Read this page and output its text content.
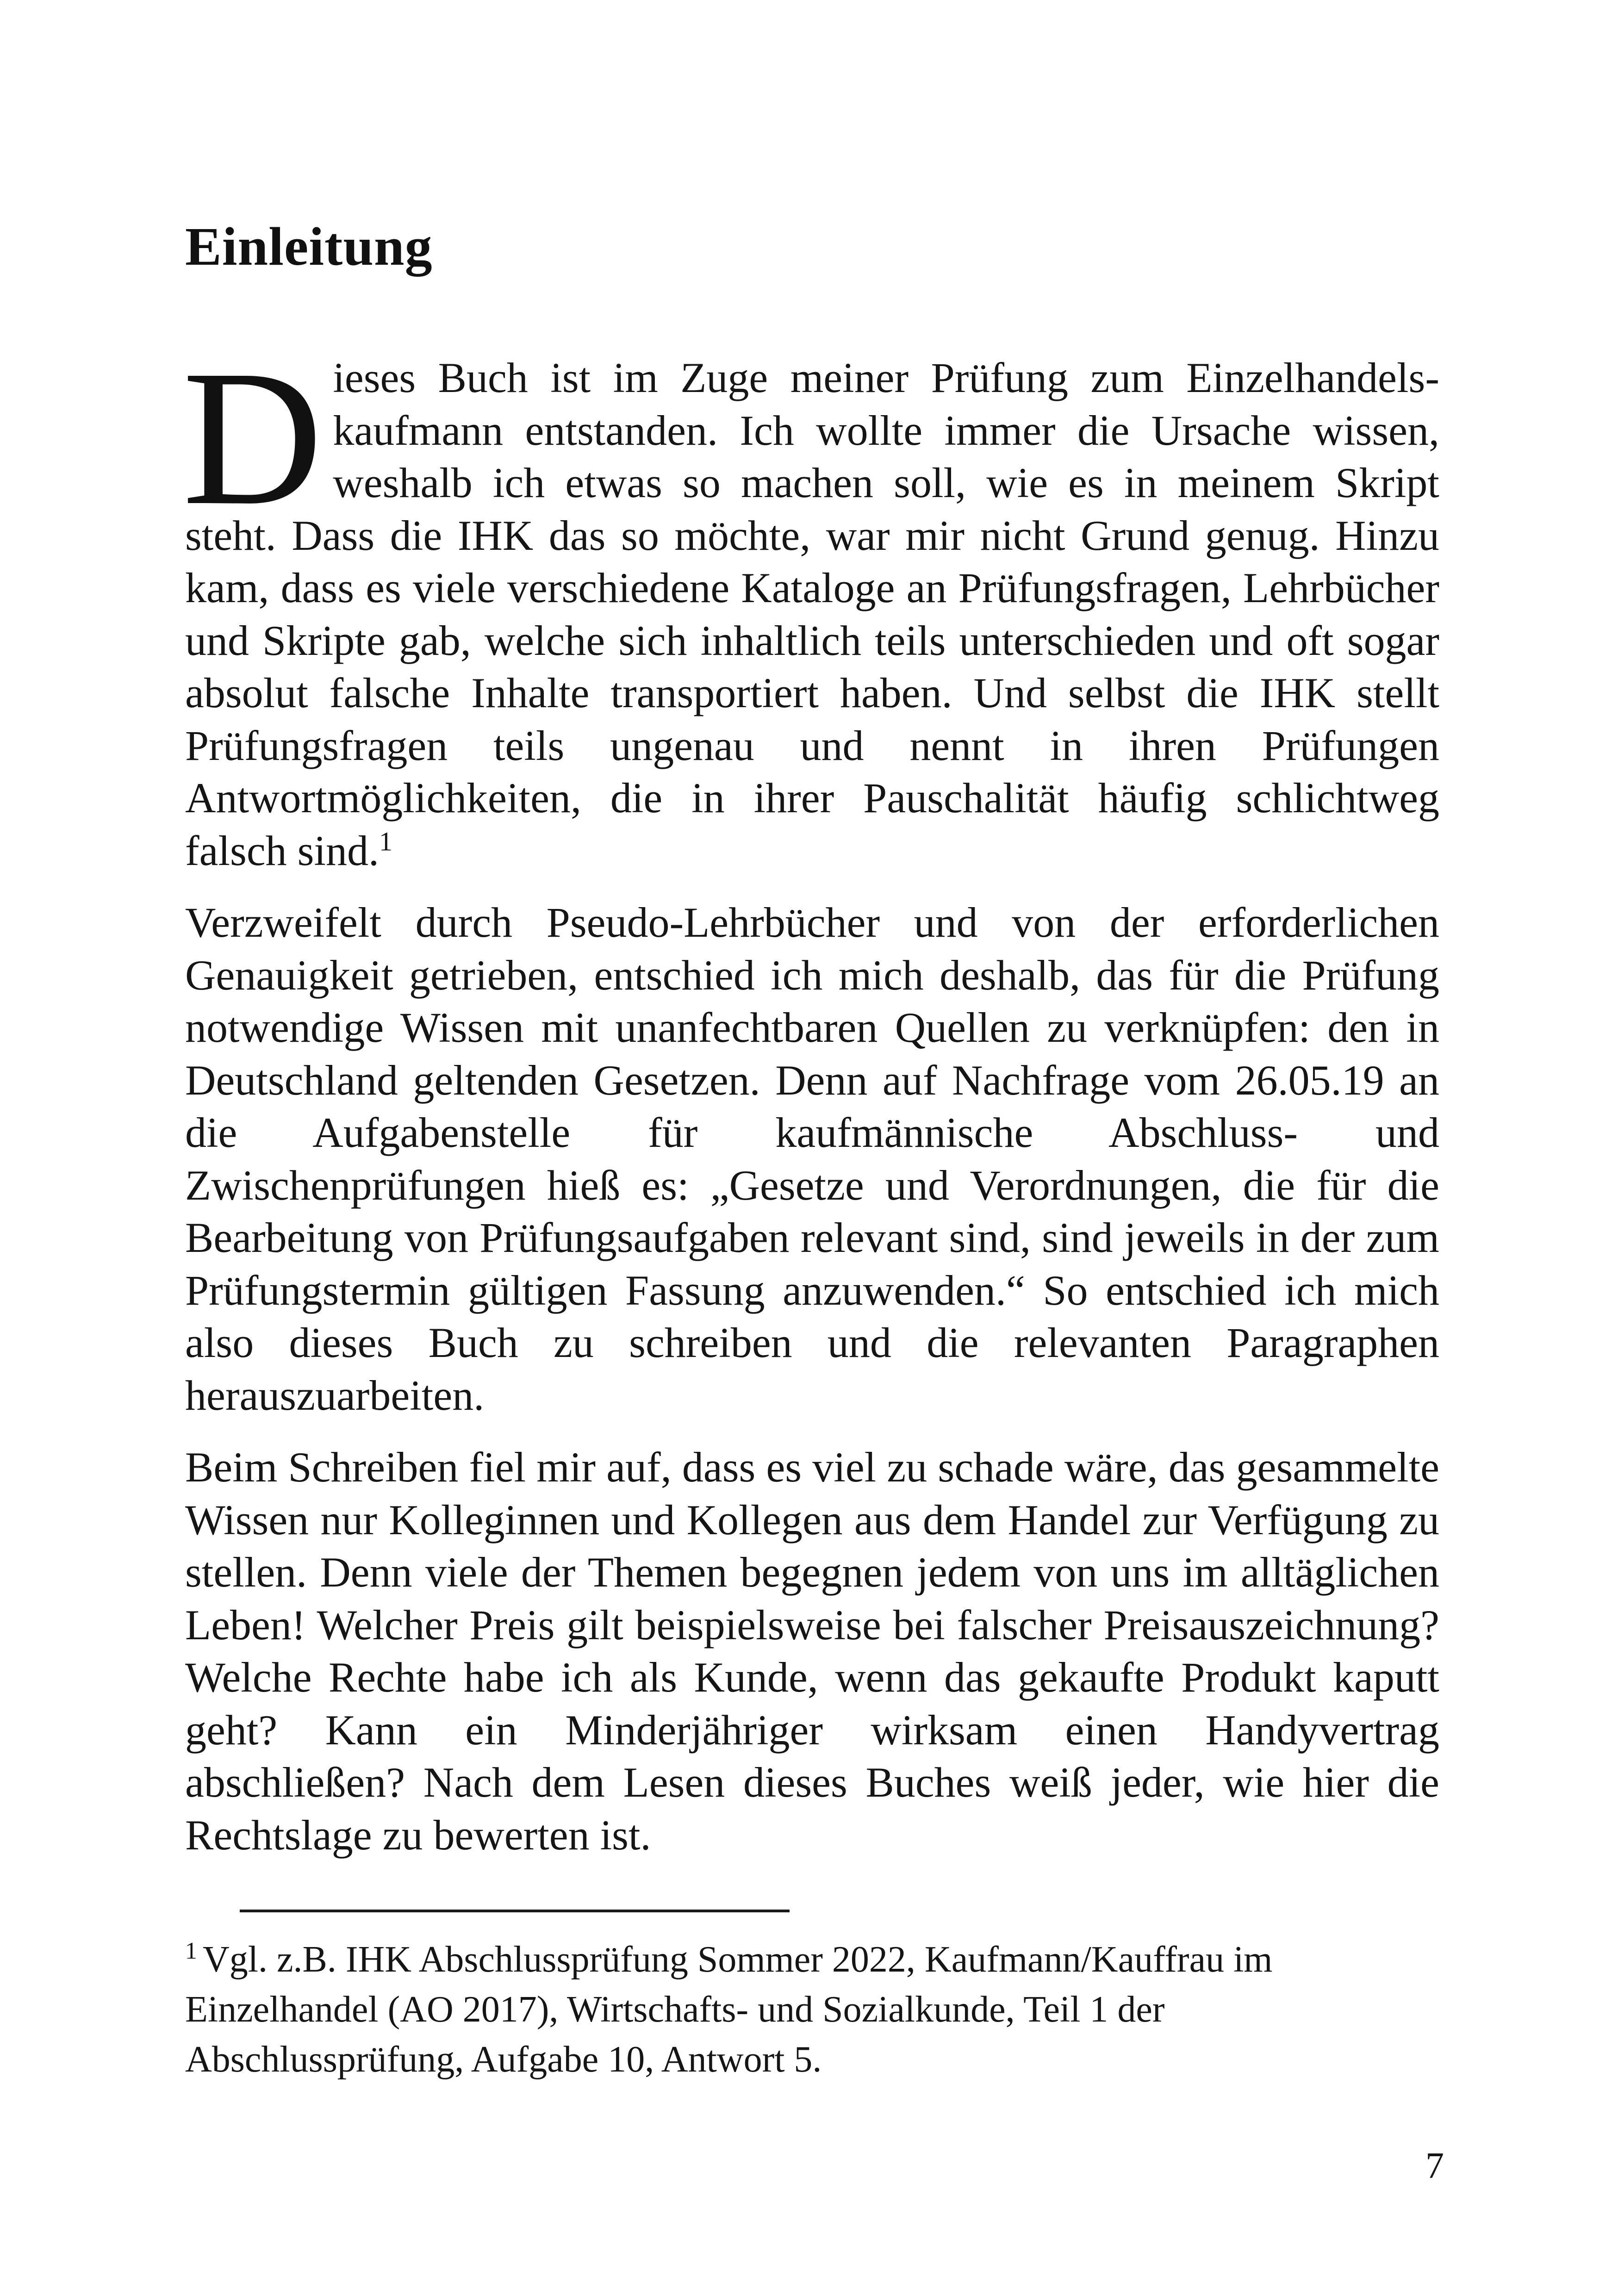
Einleitung

Dieses Buch ist im Zuge meiner Prüfung zum Einzelhandelskaufmann entstanden. Ich wollte immer die Ursache wissen, weshalb ich etwas so machen soll, wie es in meinem Skript steht. Dass die IHK das so möchte, war mir nicht Grund genug. Hinzu kam, dass es viele verschiedene Kataloge an Prüfungsfragen, Lehrbücher und Skripte gab, welche sich inhaltlich teils unterschieden und oft sogar absolut falsche Inhalte transportiert haben. Und selbst die IHK stellt Prüfungsfragen teils ungenau und nennt in ihren Prüfungen Antwortmöglichkeiten, die in ihrer Pauschalität häufig schlichtweg falsch sind.$^1$

Verzweifelt durch Pseudo-Lehrbücher und von der erforderlichen Genauigkeit getrieben, entschied ich mich deshalb, das für die Prüfung notwendige Wissen mit unanfechtbaren Quellen zu verknüpfen: den in Deutschland geltenden Gesetzen. Denn auf Nachfrage vom 26.05.19 an die Aufgabenstelle für kaufmännische Abschluss- und Zwischenprüfungen hieß es: „Gesetze und Verordnungen, die für die Bearbeitung von Prüfungsaufgaben relevant sind, sind jeweils in der zum Prüfungstermin gültigen Fassung anzuwenden.“ So entschied ich mich also dieses Buch zu schreiben und die relevanten Paragraphen herauszuarbeiten.

Beim Schreiben fiel mir auf, dass es viel zu schade wäre, das gesammelte Wissen nur Kolleginnen und Kollegen aus dem Handel zur Verfügung zu stellen. Denn viele der Themen begegnen jedem von uns im alltäglichen Leben! Welcher Preis gilt beispielsweise bei falscher Preisauszeichnung? Welche Rechte habe ich als Kunde, wenn das gekaufte Produkt kaputt geht? Kann ein Minderjähriger wirksam einen Handyvertrag abschließen? Nach dem Lesen dieses Buches weiß jeder, wie hier die Rechtslage zu bewerten ist.

$^1$ Vgl. z.B. IHK Abschlussprüfung Sommer 2022, Kaufmann/Kauffrau im Einzelhandel (AO 2017), Wirtschafts- und Sozialkunde, Teil 1 der Abschlussprüfung, Aufgabe 10, Antwort 5.
7
